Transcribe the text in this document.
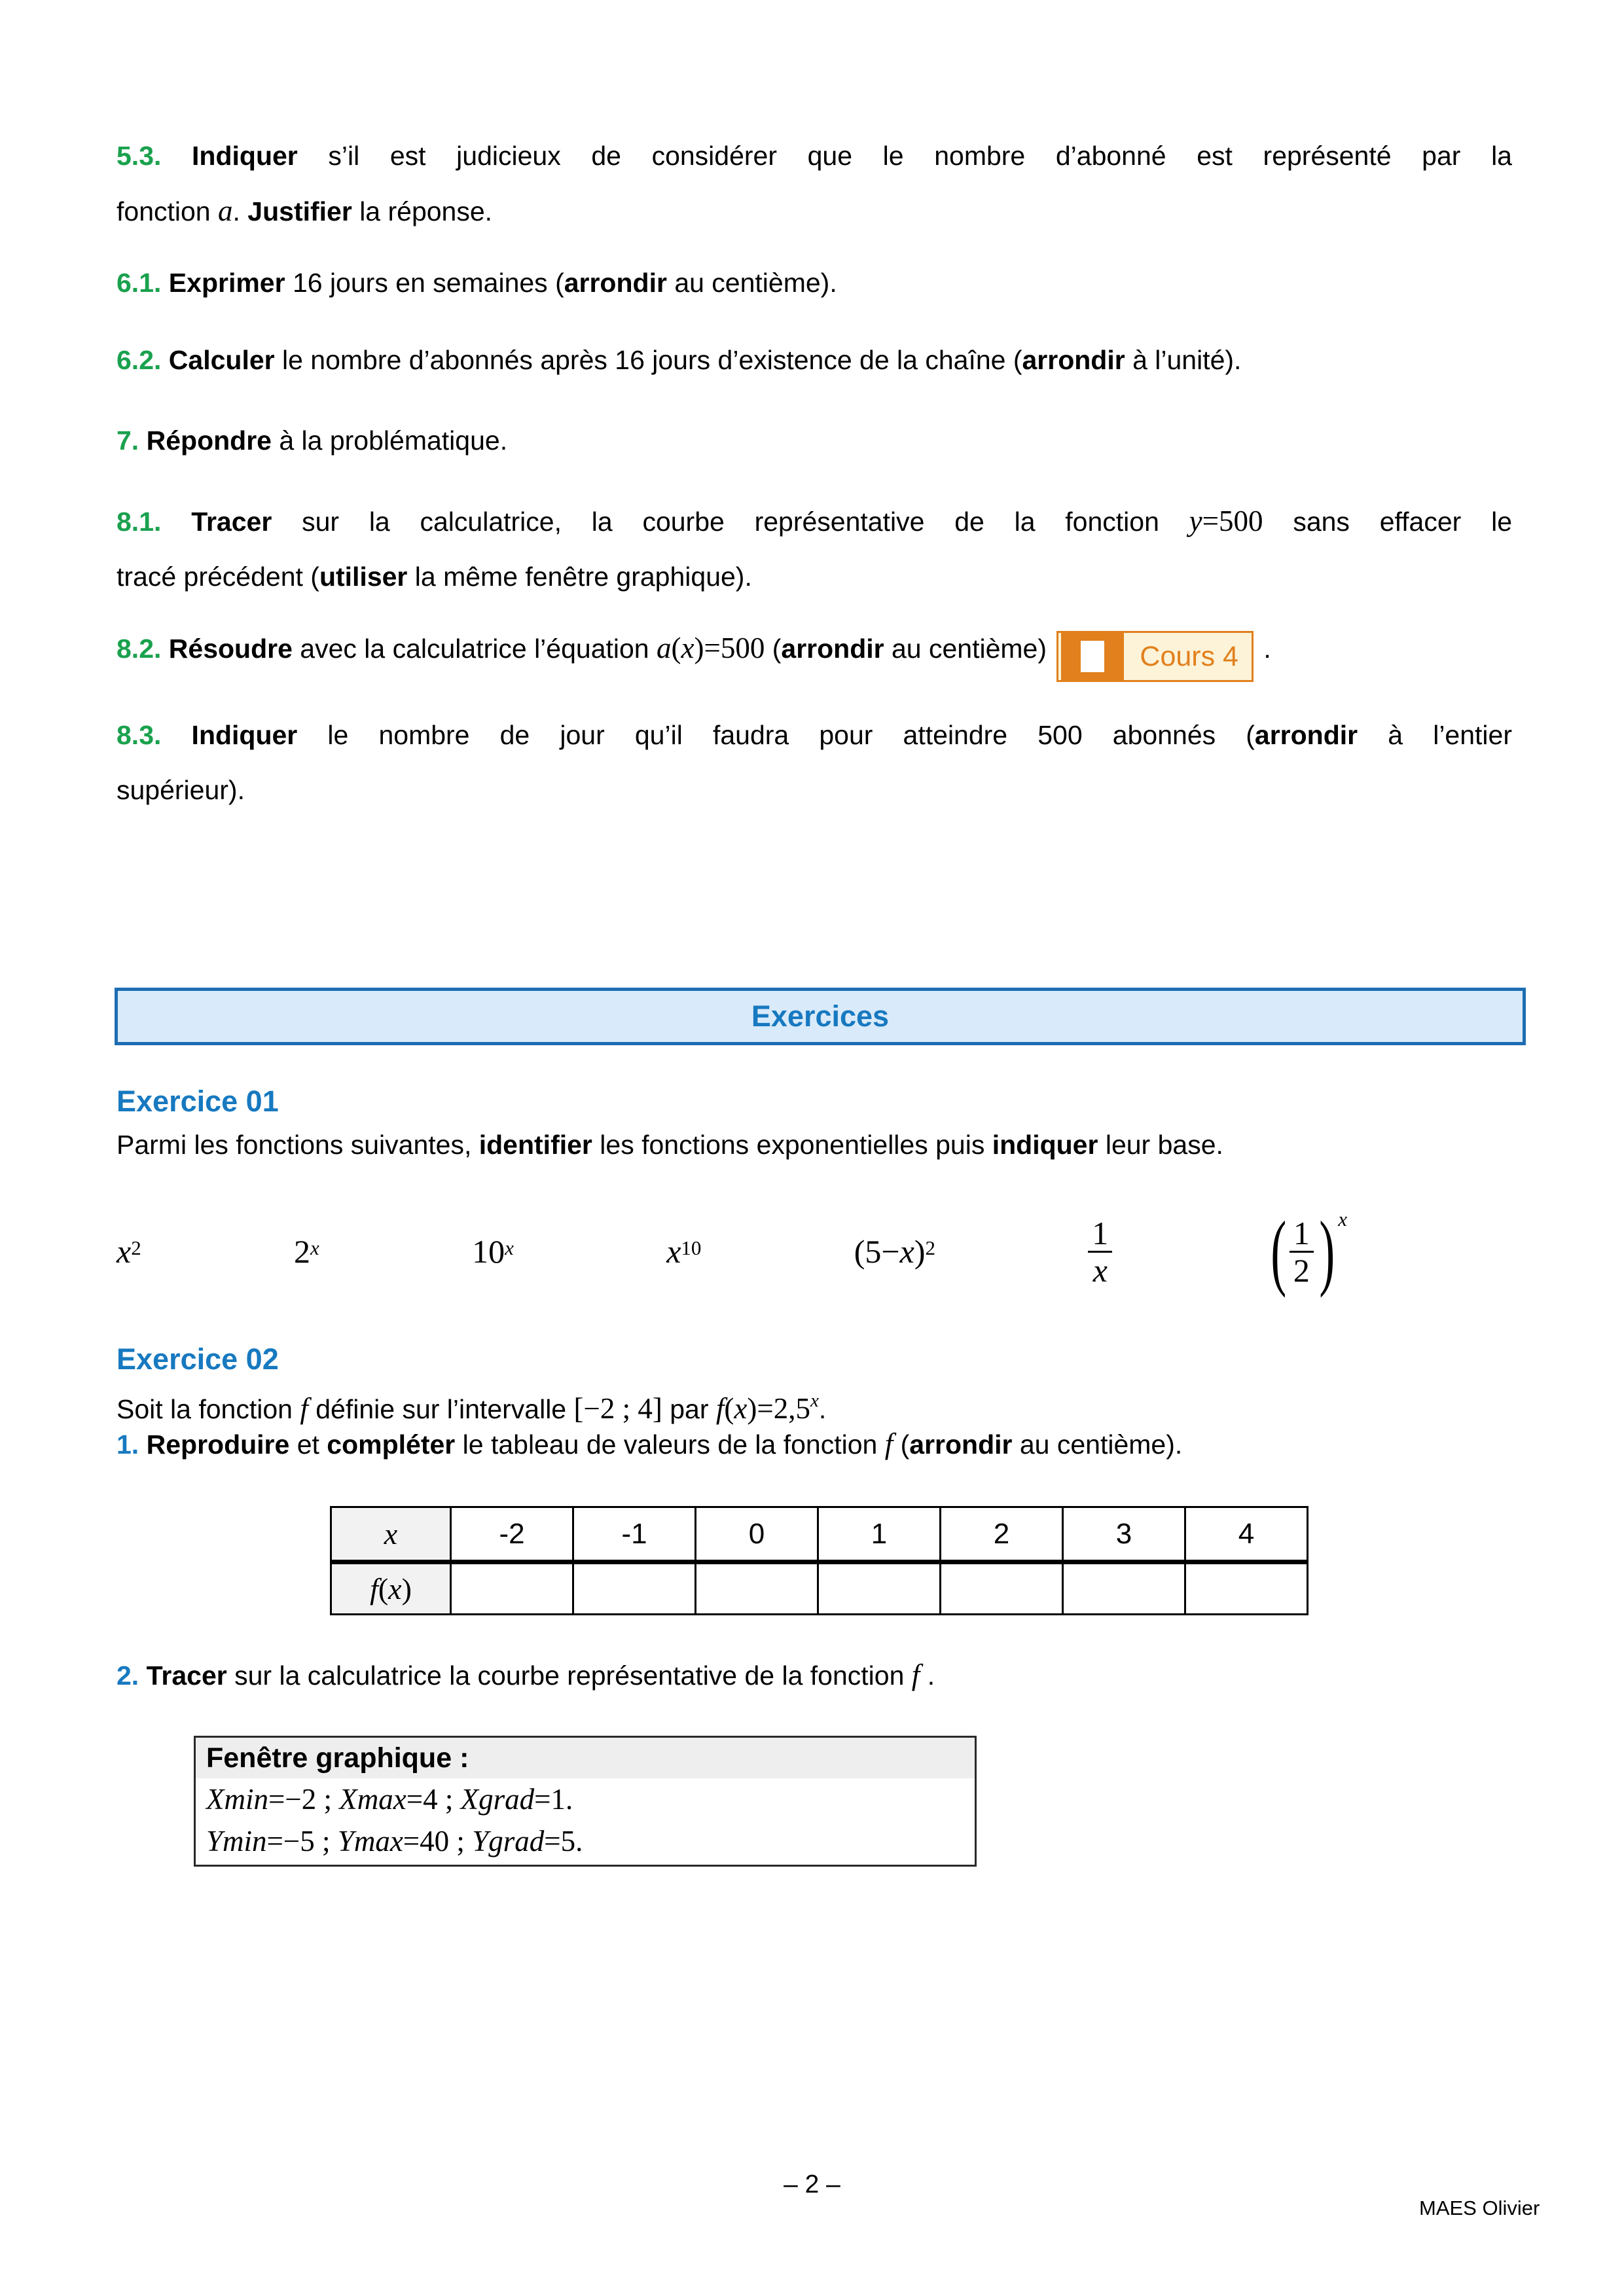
5.3. Indiquer s’il est judicieux de considérer que le nombre d’abonné est représenté par la
fonction a. Justifier la réponse.
6.1. Exprimer 16 jours en semaines (arrondir au centième).
6.2. Calculer le nombre d’abonnés après 16 jours d’existence de la chaîne (arrondir à l’unité).
7. Répondre à la problématique.
8.1. Tracer sur la calculatrice, la courbe représentative de la fonction y=500 sans effacer le
tracé précédent (utiliser la même fenêtre graphique).
8.2. Résoudre avec la calculatrice l’équation a(x)=500 (arrondir au centième)	Cours 4 .
8.3. Indiquer le nombre de jour qu’il faudra pour atteindre 500 abonnés (arrondir à l’entier
supérieur).
Exercices
Exercice 01
Parmi les fonctions suivantes, identifier les fonctions exponentielles puis indiquer leur base.
x 2	2 x	10 x	x 10	(5−x) 2	$\frac{1}{x}$ ( $\frac{1}{2}$ ) x
Exercice 02
Soit la fonction f définie sur l’intervalle [−2 ; 4] par $f(x)=2,5^x$.
1. Reproduire et compléter le tableau de valeurs de la fonction f (arrondir au centième).
x	-2	-1	0	1	2	3	4
f(x)							
2. Tracer sur la calculatrice la courbe représentative de la fonction f .
Fenêtre graphique :
Xmin=−2 ; Xmax=4 ; Xgrad=1.
Ymin=−5 ; Ymax=40 ; Ygrad=5.
– 2 –
MAES Olivier
